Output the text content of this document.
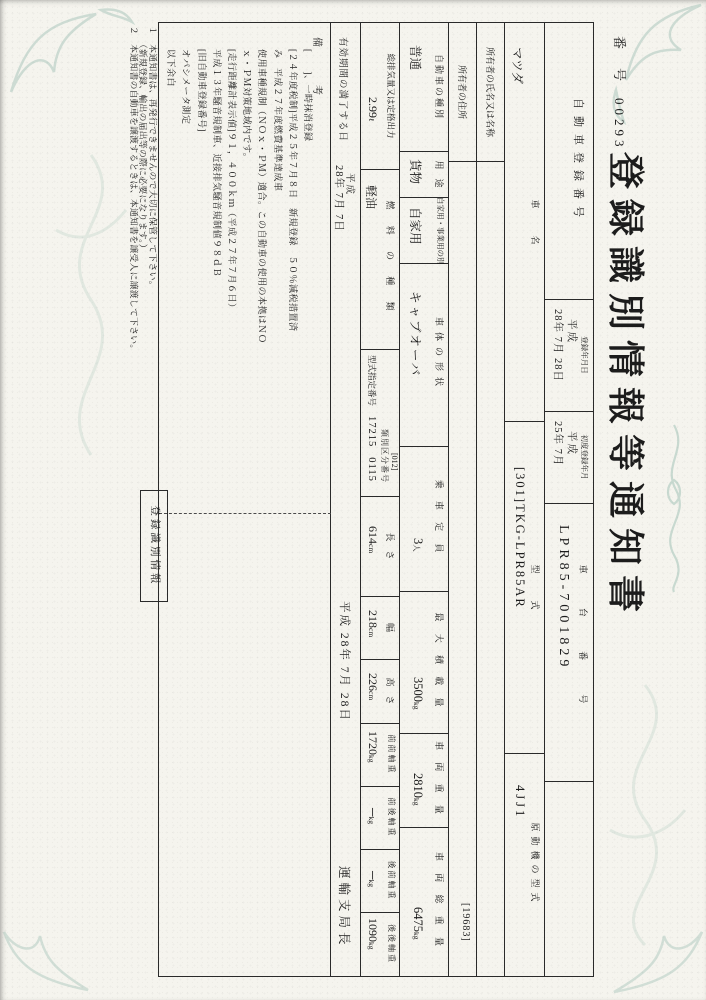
番　号00293
登録識別情報等通知書
自動車登録番号
登録年月日
平成
28年 7月 28日
初度登録年月
平成
25年 7月
車 台 番 号
LPR85-7001829
車　　　名
マツダ
型　　　式
[301]TKG-LPR85AR
原動機の型式
4JJ1
所有者の氏名又は名称
所有者の住所
[19683]
自動車の種別
普通
用　途
貨物
自家用・事業用の別
自家用
車体の形状
キャブオーバ
乗 車 定 員
3人
最 大 積 載 量
3500kg
車 両 重 量
2810kg
車 両 総 重 量
6475kg
総排気量又は定格出力
2.99ℓ
燃 料 の 種 類
軽油
[012]
類別区分番号
型式指定番号172150115
長　さ
614cm
幅
218cm
高　さ
226cm
前前軸重
1720kg
前後軸重
─kg
後前軸重
─kg
後後軸重
1090kg
有効期間の満了する日
平成
28年 7月 7日
平成 28年 7月 28日
運輸支局長
備　　　考
[　　]、一時抹消登録
[２４年度税制]平成２５年７月８日　新規登録　５０％減税措置済
み　平成２７年度燃費基準達成車
使用車種規制（ＮＯｘ・ＰＭ）適合。この自動車の使用の本拠はＮＯ
ｘ・ＰＭ対策地域内です。
[走行距離計表示値]９１，４００ｋｍ（平成２７年７月６日）
平成１３年騒音規制車、近接排気騒音規制値９８ｄＢ
[旧自動車登録番号]
オパシメータ測定
以下余白
１　本通知書は、再発行できませんので大切に保管して下さい。
　　（新規登録、輸出の届出等の際に必要になります。）
２　本通知書の自動車を譲渡するときは、本通知書を譲受人に譲渡して下さい。
登録識別情報
